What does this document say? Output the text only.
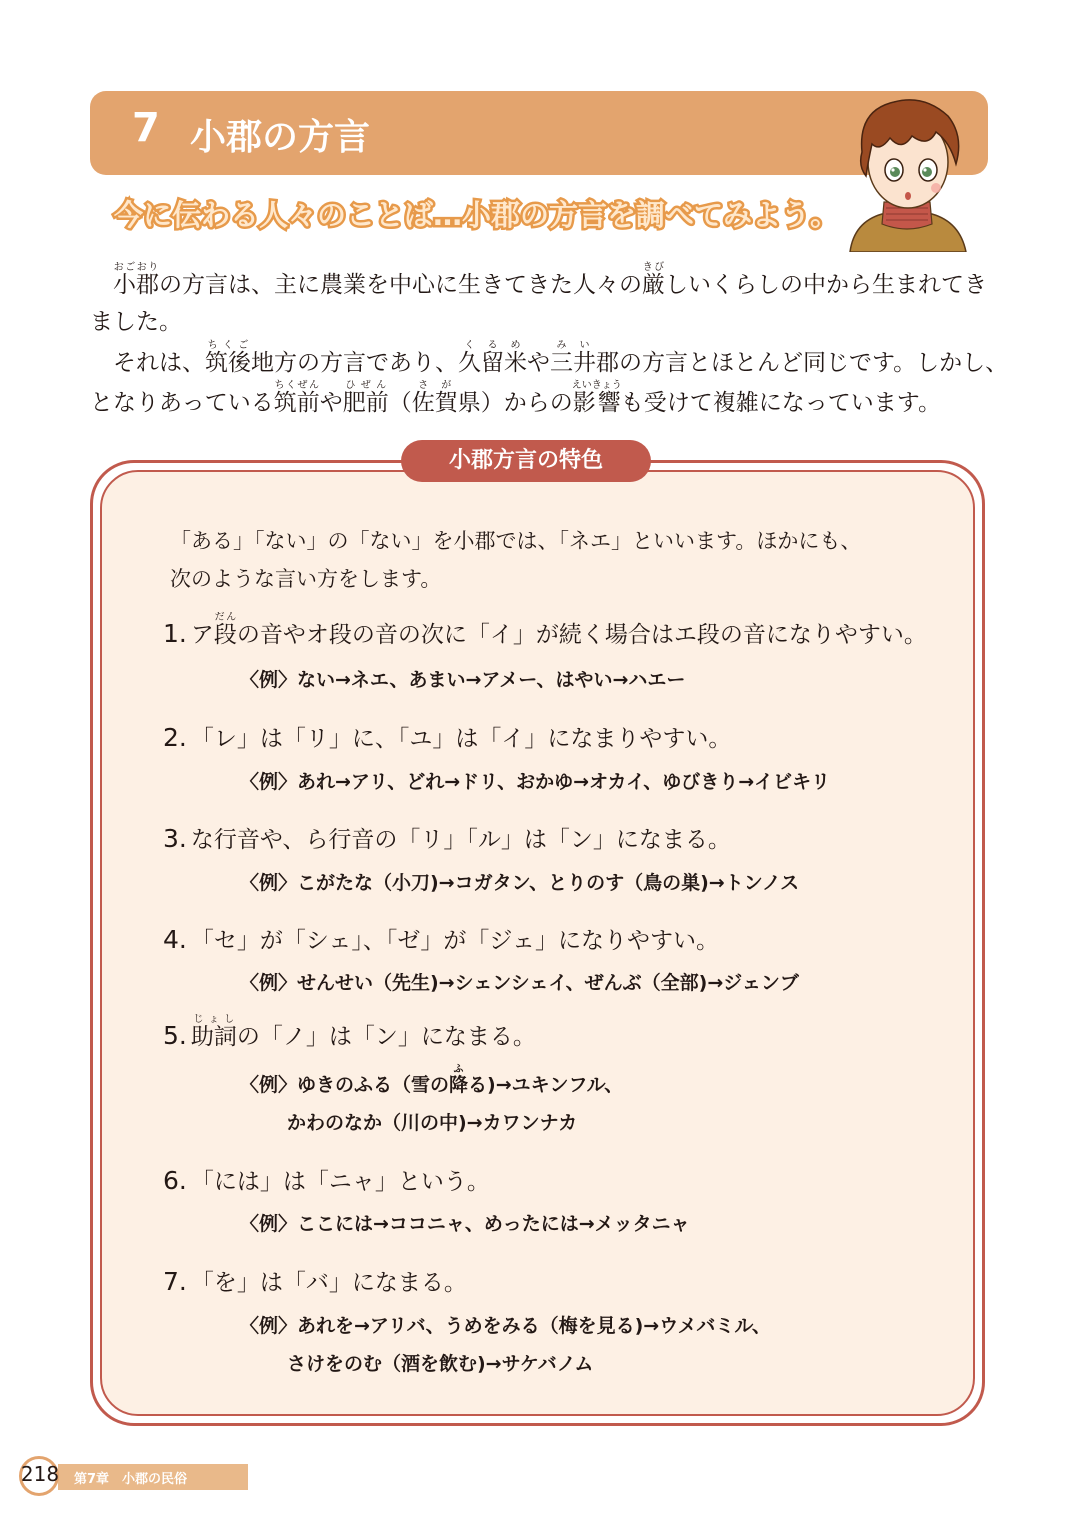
7 小郡の方言
今に伝わる人々のことば…小郡の方言を調べてみよう。
　小郡おごおりの方言は、主に農業を中心に生きてきた人々の厳きびしいくらしの中から生まれてき
ました。
　それは、筑後ちくご地方の方言であり、久留米くるめや三井みい郡の方言とほとんど同じです。しかし、
となりあっている筑前ちくぜんや肥前ひぜん（佐賀さが県）からの影響えいきょうも受けて複雑になっています。
小郡方言の特色
「ある」「ない」の「ない」を小郡では、「ネエ」といいます。ほかにも、
次のような言い方をします。
1. ア段だんの音やオ段の音の次に「イ」が続く場合はエ段の音になりやすい。
〈例〉ない→ネエ、あまい→アメー、はやい→ハエー
2. 「レ」は「リ」に、「ユ」は「イ」になまりやすい。
〈例〉あれ→アリ、どれ→ドリ、おかゆ→オカイ、ゆびきり→イビキリ
3. な行音や、ら行音の「リ」「ル」は「ン」になまる。
〈例〉こがたな（小刀)→コガタン、とりのす（鳥の巣)→トンノス
4. 「セ」が「シェ」、「ゼ」が「ジェ」になりやすい。
〈例〉せんせい（先生)→シェンシェイ、ぜんぶ（全部)→ジェンブ
5. 助詞じょしの「ノ」は「ン」になまる。
〈例〉ゆきのふる（雪の降ふる)→ユキンフル、
かわのなか（川の中)→カワンナカ
6. 「には」は「ニャ」という。
〈例〉ここには→ココニャ、めったには→メッタニャ
7. 「を」は「バ」になまる。
〈例〉あれを→アリバ、うめをみる（梅を見る)→ウメバミル、
さけをのむ（酒を飲む)→サケバノム
218	第7章　小郡の民俗
